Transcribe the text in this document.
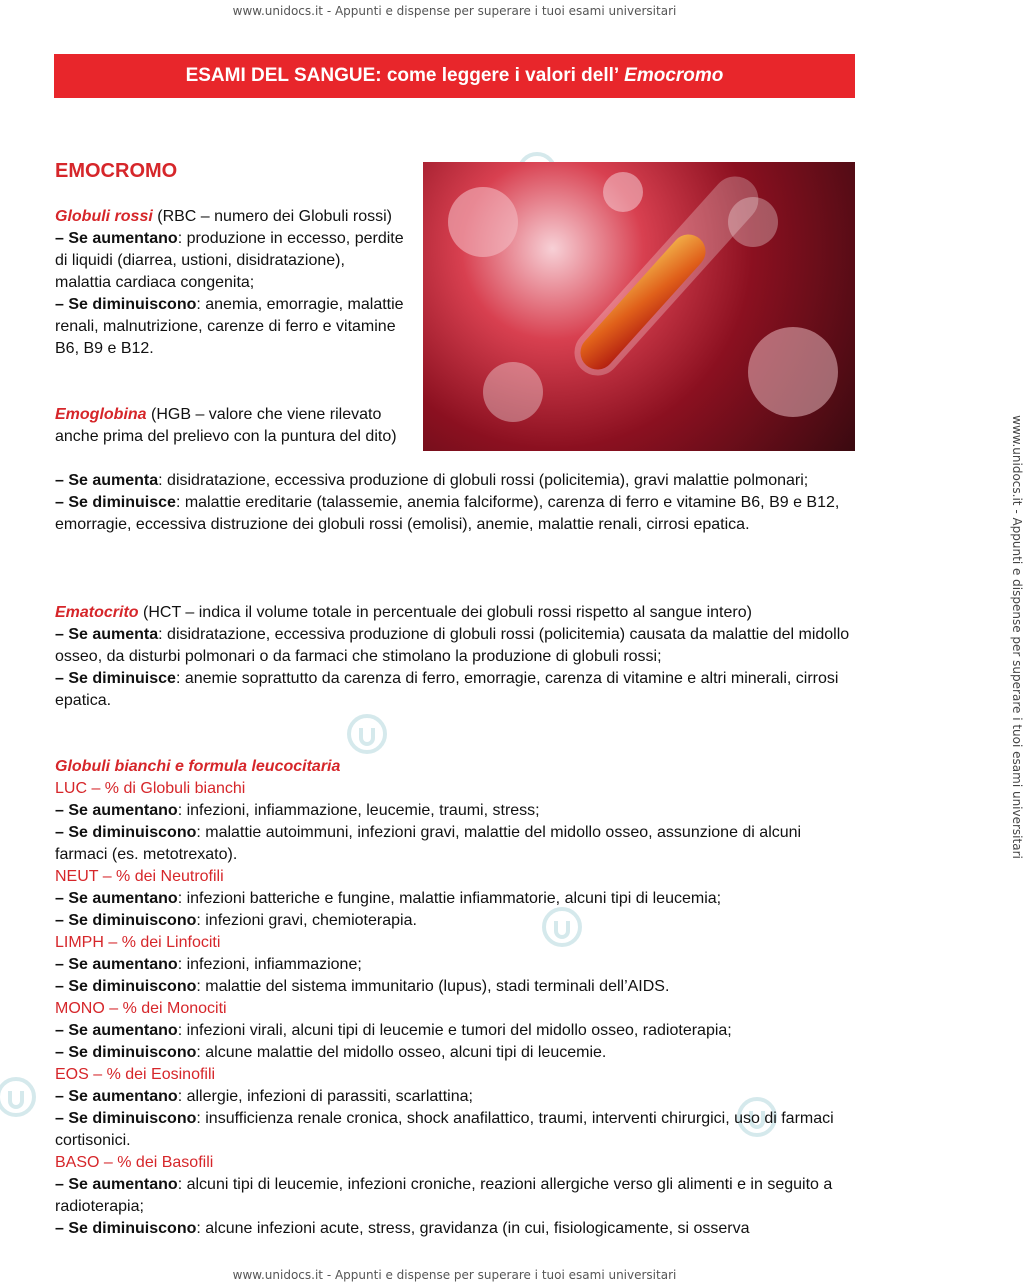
www.unidocs.it - Appunti e dispense per superare i tuoi esami universitari
www.unidocs.it - Appunti e dispense per superare i tuoi esami universitari
www.unidocs.it - Appunti e dispense per superare i tuoi esami universitari
ESAMI DEL SANGUE: come leggere i valori dell’ Emocromo
EMOCROMO
Globuli rossi (RBC – numero dei Globuli rossi)
– Se aumentano: produzione in eccesso, perdite di liquidi (diarrea, ustioni, disidratazione), malattia cardiaca congenita;
– Se diminuiscono: anemia, emorragie, malattie renali, malnutrizione, carenze di ferro e vitamine B6, B9 e B12.
Emoglobina (HGB – valore che viene rilevato anche prima del prelievo con la puntura del dito)
– Se aumenta: disidratazione, eccessiva produzione di globuli rossi (policitemia), gravi malattie polmonari;
– Se diminuisce: malattie ereditarie (talassemie, anemia falciforme), carenza di ferro e vitamine B6, B9 e B12, emorragie, eccessiva distruzione dei globuli rossi (emolisi), anemie, malattie renali, cirrosi epatica.
Ematocrito (HCT – indica il volume totale in percentuale dei globuli rossi rispetto al sangue intero)
– Se aumenta: disidratazione, eccessiva produzione di globuli rossi (policitemia) causata da malattie del midollo osseo, da disturbi polmonari o da farmaci che stimolano la produzione di globuli rossi;
– Se diminuisce: anemie soprattutto da carenza di ferro, emorragie, carenza di vitamine e altri minerali, cirrosi epatica.
Globuli bianchi e formula leucocitaria
LUC – % di Globuli bianchi
– Se aumentano: infezioni, infiammazione, leucemie, traumi, stress;
– Se diminuiscono: malattie autoimmuni, infezioni gravi, malattie del midollo osseo, assunzione di alcuni farmaci (es. metotrexato).
NEUT – % dei Neutrofili
– Se aumentano: infezioni batteriche e fungine, malattie infiammatorie, alcuni tipi di leucemia;
– Se diminuiscono: infezioni gravi, chemioterapia.
LIMPH – % dei Linfociti
– Se aumentano: infezioni, infiammazione;
– Se diminuiscono: malattie del sistema immunitario (lupus), stadi terminali dell’AIDS.
MONO – % dei Monociti
– Se aumentano: infezioni virali, alcuni tipi di leucemie e tumori del midollo osseo, radioterapia;
– Se diminuiscono: alcune malattie del midollo osseo, alcuni tipi di leucemie.
EOS – % dei Eosinofili
– Se aumentano: allergie, infezioni di parassiti, scarlattina;
– Se diminuiscono: insufficienza renale cronica, shock anafilattico, traumi, interventi chirurgici, uso di farmaci cortisonici.
BASO – % dei Basofili
– Se aumentano: alcuni tipi di leucemie, infezioni croniche, reazioni allergiche verso gli alimenti e in seguito a radioterapia;
– Se diminuiscono: alcune infezioni acute, stress, gravidanza (in cui, fisiologicamente, si osserva
